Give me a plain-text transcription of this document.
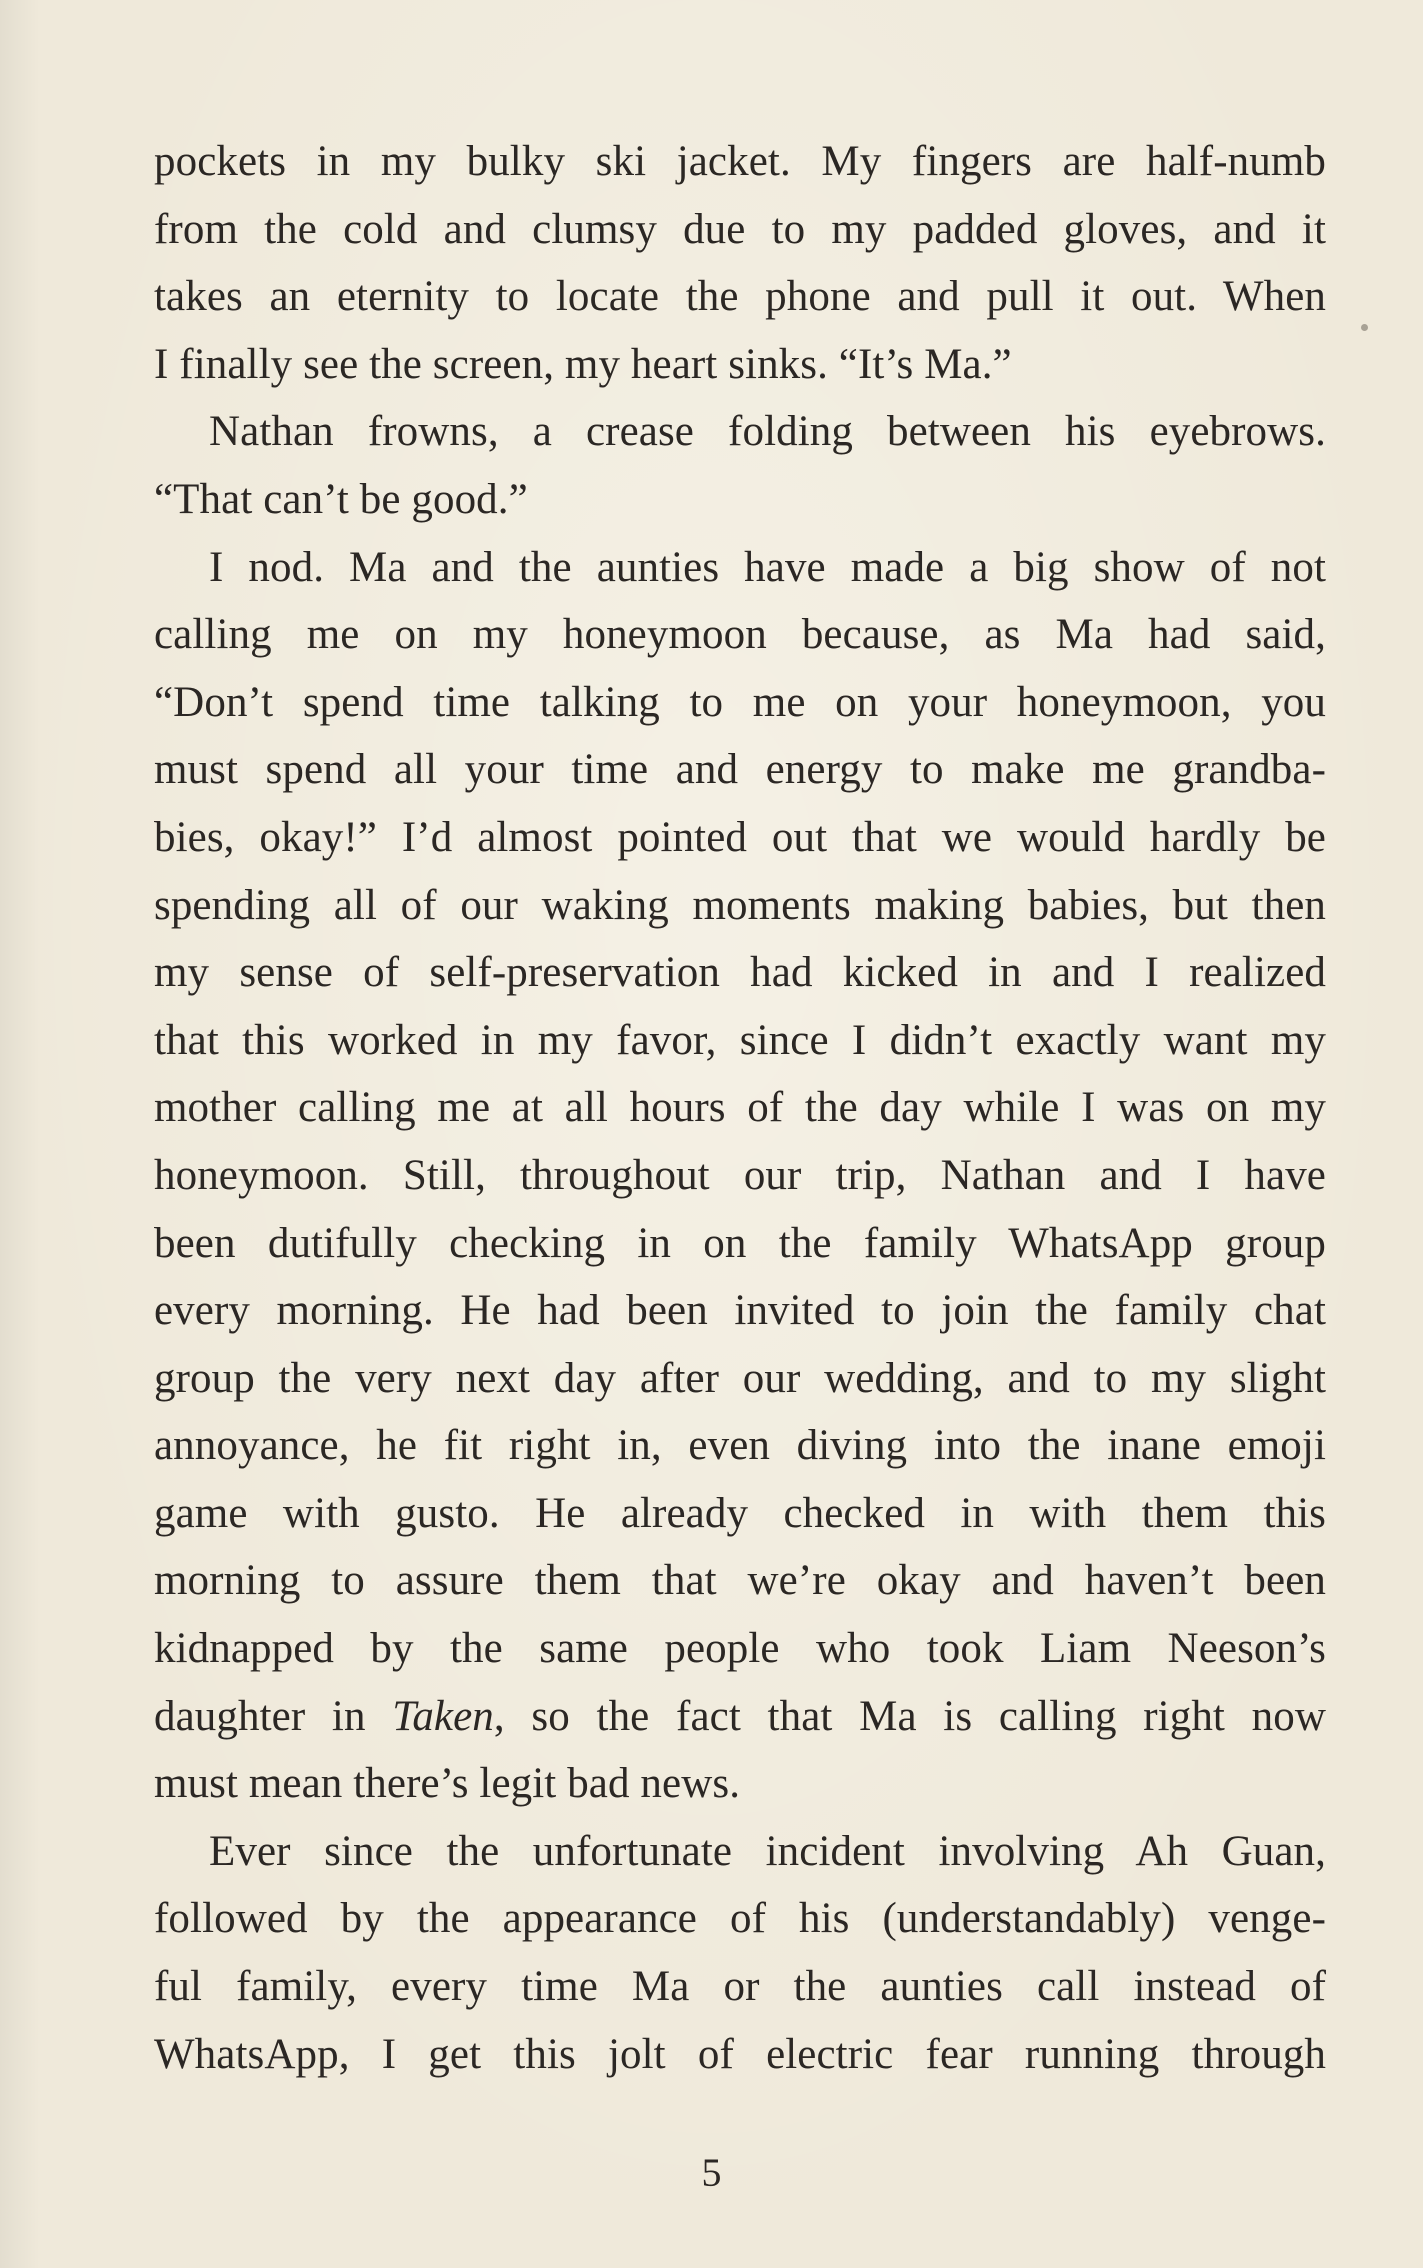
pockets in my bulky ski jacket. My fingers are half-numb
from the cold and clumsy due to my padded gloves, and it
takes an eternity to locate the phone and pull it out. When
I finally see the screen, my heart sinks. “It’s Ma.”
Nathan frowns, a crease folding between his eyebrows.
“That can’t be good.”
I nod. Ma and the aunties have made a big show of not
calling me on my honeymoon because, as Ma had said,
“Don’t spend time talking to me on your honeymoon, you
must spend all your time and energy to make me grandba-
bies, okay!” I’d almost pointed out that we would hardly be
spending all of our waking moments making babies, but then
my sense of self-preservation had kicked in and I realized
that this worked in my favor, since I didn’t exactly want my
mother calling me at all hours of the day while I was on my
honeymoon. Still, throughout our trip, Nathan and I have
been dutifully checking in on the family WhatsApp group
every morning. He had been invited to join the family chat
group the very next day after our wedding, and to my slight
annoyance, he fit right in, even diving into the inane emoji
game with gusto. He already checked in with them this
morning to assure them that we’re okay and haven’t been
kidnapped by the same people who took Liam Neeson’s
daughter in Taken, so the fact that Ma is calling right now
must mean there’s legit bad news.
Ever since the unfortunate incident involving Ah Guan,
followed by the appearance of his (understandably) venge-
ful family, every time Ma or the aunties call instead of
WhatsApp, I get this jolt of electric fear running through
5
